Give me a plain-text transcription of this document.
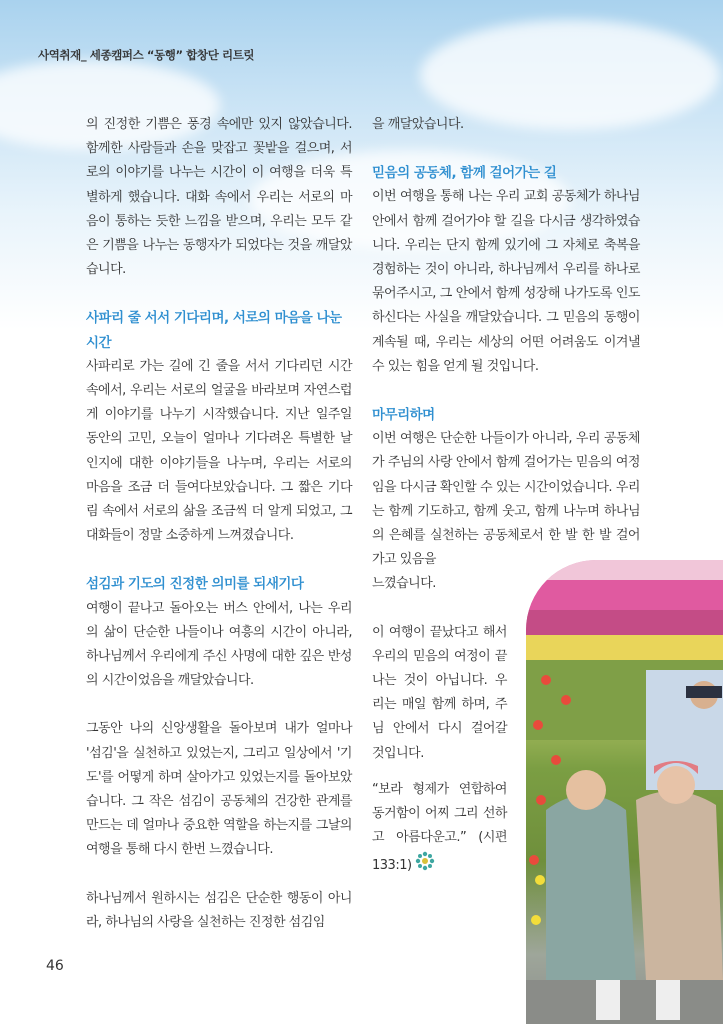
사역취재_ 세종캠퍼스 “동행” 합창단 리트릿

의 진정한 기쁨은 풍경 속에만 있지 않았습니다. 함께한 사람들과 손을 맞잡고 꽃밭을 걸으며, 서로의 이야기를 나누는 시간이 이 여행을 더욱 특별하게 했습니다. 대화 속에서 우리는 서로의 마음이 통하는 듯한 느낌을 받으며, 우리는 모두 같은 기쁨을 나누는 동행자가 되었다는 것을 깨달았습니다.

사파리 줄 서서 기다리며, 서로의 마음을 나눈 시간

사파리로 가는 길에 긴 줄을 서서 기다리던 시간 속에서, 우리는 서로의 얼굴을 바라보며 자연스럽게 이야기를 나누기 시작했습니다. 지난 일주일 동안의 고민, 오늘이 얼마나 기다려온 특별한 날인지에 대한 이야기들을 나누며, 우리는 서로의 마음을 조금 더 들여다보았습니다. 그 짧은 기다림 속에서 서로의 삶을 조금씩 더 알게 되었고, 그 대화들이 정말 소중하게 느껴졌습니다.

섬김과 기도의 진정한 의미를 되새기다

여행이 끝나고 돌아오는 버스 안에서, 나는 우리의 삶이 단순한 나들이나 여흥의 시간이 아니라, 하나님께서 우리에게 주신 사명에 대한 깊은 반성의 시간이었음을 깨달았습니다.

그동안 나의 신앙생활을 돌아보며 내가 얼마나 '섬김'을 실천하고 있었는지, 그리고 일상에서 '기도'를 어떻게 하며 살아가고 있었는지를 돌아보았습니다. 그 작은 섬김이 공동체의 건강한 관계를 만드는 데 얼마나 중요한 역할을 하는지를 그날의 여행을 통해 다시 한번 느꼈습니다.

하나님께서 원하시는 섬김은 단순한 행동이 아니라, 하나님의 사랑을 실천하는 진정한 섬김임

을 깨달았습니다.

믿음의 공동체, 함께 걸어가는 길

이번 여행을 통해 나는 우리 교회 공동체가 하나님 안에서 함께 걸어가야 할 길을 다시금 생각하였습니다. 우리는 단지 함께 있기에 그 자체로 축복을 경험하는 것이 아니라, 하나님께서 우리를 하나로 묶어주시고, 그 안에서 함께 성장해 나가도록 인도하신다는 사실을 깨달았습니다. 그 믿음의 동행이 계속될 때, 우리는 세상의 어떤 어려움도 이겨낼 수 있는 힘을 얻게 될 것입니다.

마무리하며

이번 여행은 단순한 나들이가 아니라, 우리 공동체가 주님의 사랑 안에서 함께 걸어가는 믿음의 여정임을 다시금 확인할 수 있는 시간이었습니다. 우리는 함께 기도하고, 함께 웃고, 함께 나누며 하나님의 은혜를 실천하는 공동체로서 한 발 한 발 걸어가고 있음을

느꼈습니다.

이 여행이 끝났다고 해서 우리의 믿음의 여정이 끝나는 것이 아닙니다. 우리는 매일 함께 하며, 주님 안에서 다시 걸어갈 것입니다.

“보라 형제가 연합하여 동거함이 어찌 그리 선하고 아름다운고.” (시편 133:1)

46
